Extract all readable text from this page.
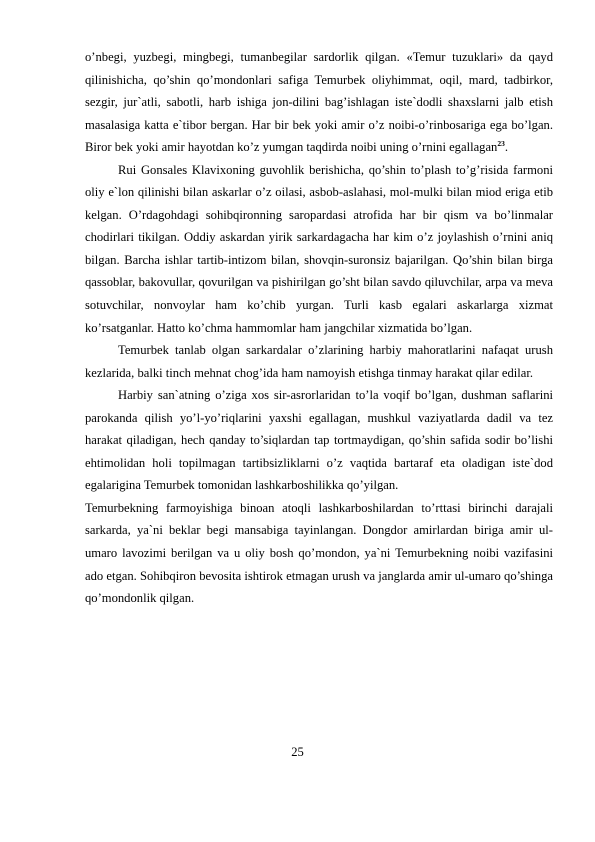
o’nbegi, yuzbegi, mingbegi, tumanbegilar sardorlik qilgan. «Temur tuzuklari» da qayd qilinishicha, qo’shin qo’mondonlari safiga Temurbek oliyhimmat, oqil, mard, tadbirkor, sezgir, jur`atli, sabotli, harb ishiga jon-dilini bag’ishlagan iste`dodli shaxslarni jalb etish masalasiga katta e`tibor bergan. Har bir bek yoki amir o’z noibi-o’rinbosariga ega bo’lgan. Biror bek yoki amir hayotdan ko’z yumgan taqdirda noibi uning o’rnini egallagan$^{23}$.

Rui Gonsales Klavixoning guvohlik berishicha, qo’shin to’plash to’g’risida farmoni oliy e`lon qilinishi bilan askarlar o’z oilasi, asbob-aslahasi, mol-mulki bilan miod eriga etib kelgan. O’rdagohdagi sohibqironning saropardasi atrofida har bir qism va bo’linmalar chodirlari tikilgan. Oddiy askardan yirik sarkardagacha har kim o’z joylashish o’rnini aniq bilgan. Barcha ishlar tartib-intizom bilan, shovqin-suronsiz bajarilgan. Qo’shin bilan birga qassoblar, bakovullar, qovurilgan va pishirilgan go’sht bilan savdo qiluvchilar, arpa va meva sotuvchilar, nonvoylar ham ko’chib yurgan. Turli kasb egalari askarlarga xizmat ko’rsatganlar. Hatto ko’chma hammomlar ham jangchilar xizmatida bo’lgan.

Temurbek tanlab olgan sarkardalar o’zlarining harbiy mahoratlarini nafaqat urush kezlarida, balki tinch mehnat chog’ida ham namoyish etishga tinmay harakat qilar edilar.

Harbiy san`atning o’ziga xos sir-asrorlaridan to’la voqif bo’lgan, dushman saflarini parokanda qilish yo’l-yo’riqlarini yaxshi egallagan, mushkul vaziyatlarda dadil va tez harakat qiladigan, hech qanday to’siqlardan tap tortmaydigan, qo’shin safida sodir bo’lishi ehtimolidan holi topilmagan tartibsizliklarni o’z vaqtida bartaraf eta oladigan iste`dod egalarigina Temurbek tomonidan lashkarboshilikka qo’yilgan.

Temurbekning farmoyishiga binoan atoqli lashkarboshilardan to’rttasi birinchi darajali sarkarda, ya`ni beklar begi mansabiga tayinlangan. Dongdor amirlardan biriga amir ul-umaro lavozimi berilgan va u oliy bosh qo’mondon, ya`ni Temurbekning noibi vazifasini ado etgan. Sohibqiron bevosita ishtirok etmagan urush va janglarda amir ul-umaro qo’shinga qo’mondonlik qilgan.

25
